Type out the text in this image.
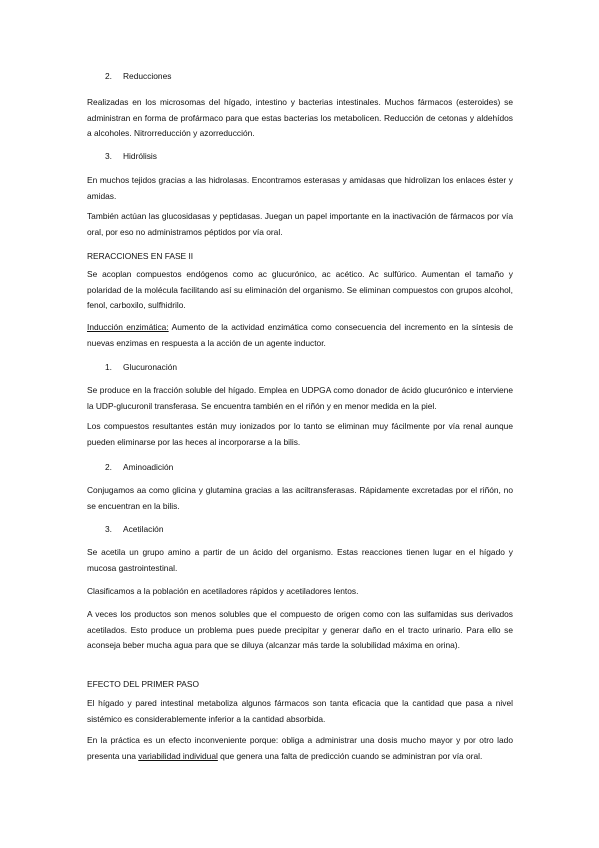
2. Reducciones

Realizadas en los microsomas del hígado, intestino y bacterias intestinales. Muchos fármacos (esteroides) se administran en forma de profármaco para que estas bacterias los metabolicen. Reducción de cetonas y aldehídos a alcoholes. Nitrorreducción y azorreducción.

3. Hidrólisis

En muchos tejidos gracias a las hidrolasas. Encontramos esterasas y amidasas que hidrolizan los enlaces éster y amidas.

También actúan las glucosidasas y peptidasas. Juegan un papel importante en la inactivación de fármacos por vía oral, por eso no administramos péptidos por vía oral.

RERACCIONES EN FASE II

Se acoplan compuestos endógenos como ac glucurónico, ac acético. Ac sulfúrico. Aumentan el tamaño y polaridad de la molécula facilitando así su eliminación del organismo. Se eliminan compuestos con grupos alcohol, fenol, carboxilo, sulfhidrilo.

Inducción enzimática: Aumento de la actividad enzimática como consecuencia del incremento en la síntesis de nuevas enzimas en respuesta a la acción de un agente inductor.

1. Glucuronación

Se produce en la fracción soluble del hígado. Emplea en UDPGA como donador de ácido glucurónico e interviene la UDP-glucuronil transferasa. Se encuentra también en el riñón y en menor medida en la piel.

Los compuestos resultantes están muy ionizados por lo tanto se eliminan muy fácilmente por vía renal aunque pueden eliminarse por las heces al incorporarse a la bilis.

2. Aminoadición

Conjugamos aa como glicina y glutamina gracias a las aciltransferasas. Rápidamente excretadas por el riñón, no se encuentran en la bilis.

3. Acetilación

Se acetila un grupo amino a partir de un ácido del organismo. Estas reacciones tienen lugar en el hígado y mucosa gastrointestinal.

Clasificamos a la población en acetiladores rápidos y acetiladores lentos.

A veces los productos son menos solubles que el compuesto de origen como con las sulfamidas sus derivados acetilados. Esto produce un problema pues puede precipitar y generar daño en el tracto urinario. Para ello se aconseja beber mucha agua para que se diluya (alcanzar más tarde la solubilidad máxima en orina).

EFECTO DEL PRIMER PASO

El hígado y pared intestinal metaboliza algunos fármacos son tanta eficacia que la cantidad que pasa a nivel sistémico es considerablemente inferior a la cantidad absorbida.

En la práctica es un efecto inconveniente porque: obliga a administrar una dosis mucho mayor y por otro lado presenta una variabilidad individual que genera una falta de predicción cuando se administran por vía oral.
